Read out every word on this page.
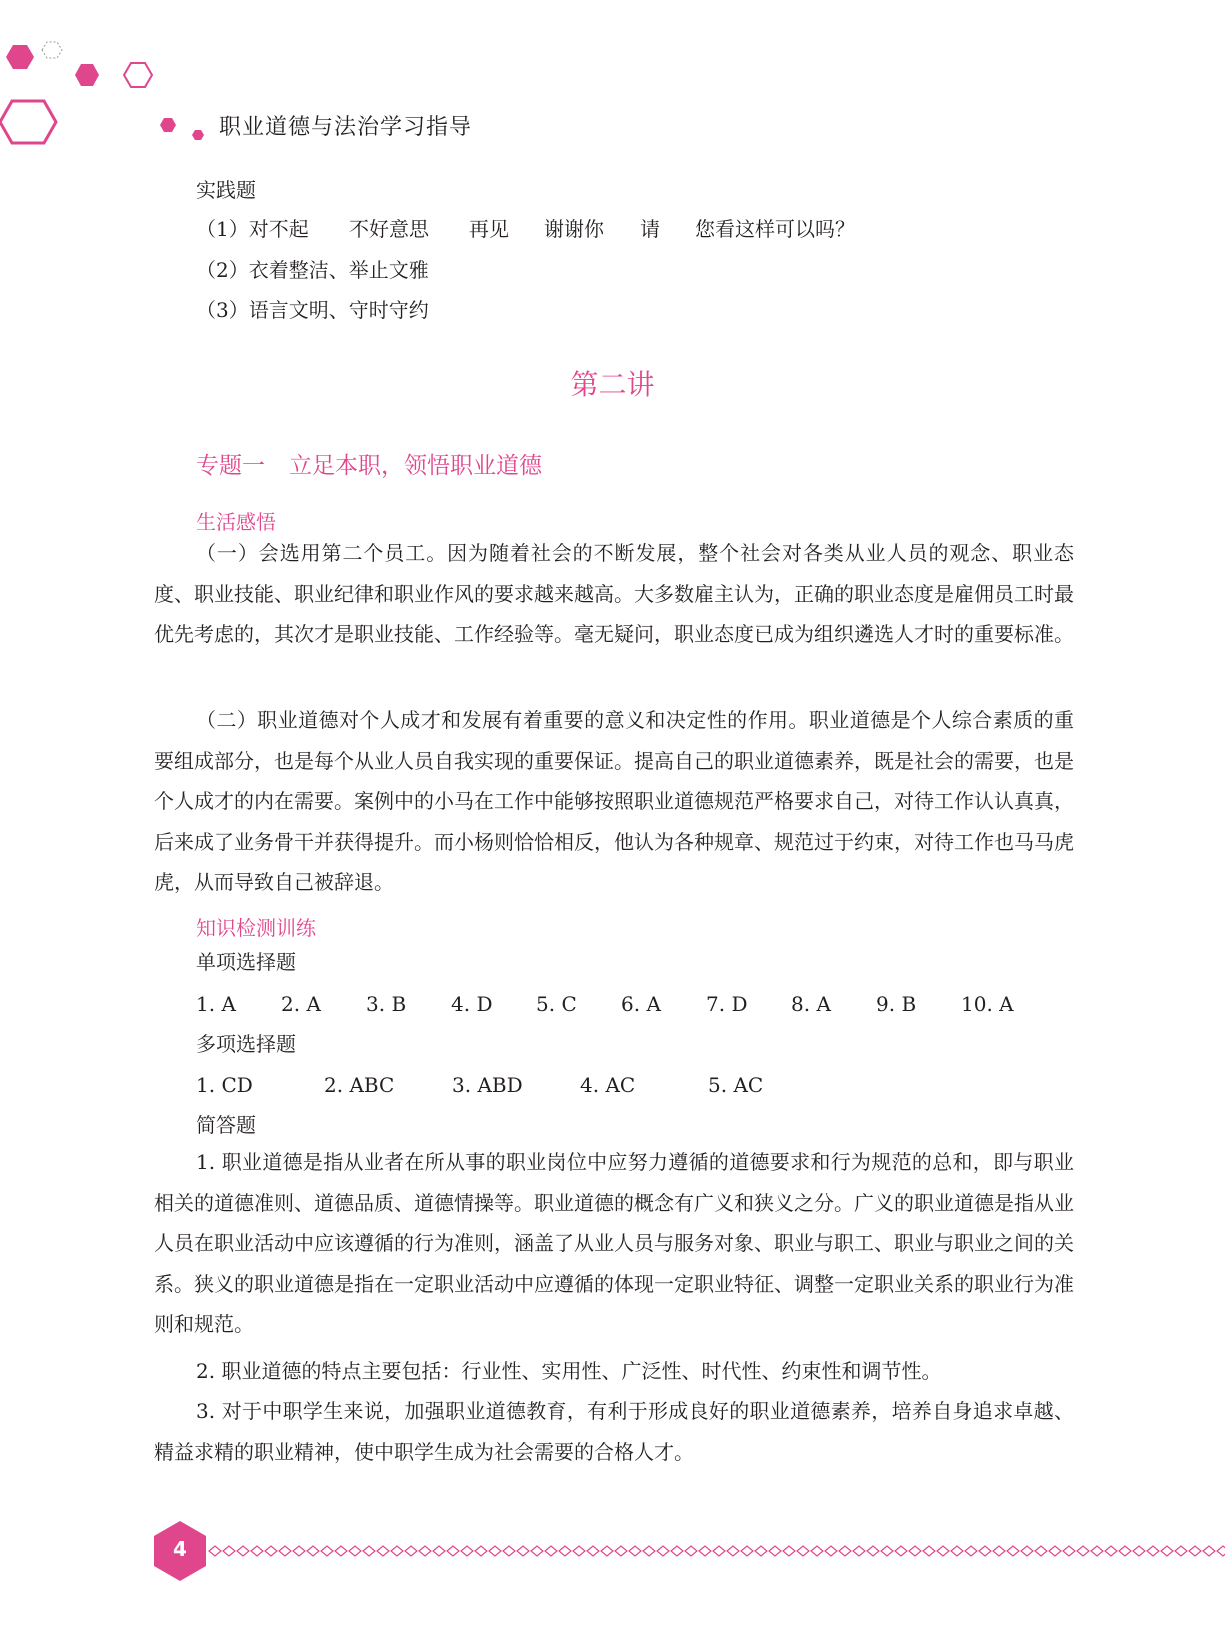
职业道德与法治学习指导
实践题
（1）对不起 不好意思 再见 谢谢你 请 您看这样可以吗？
（2）衣着整洁、举止文雅
（3）语言文明、守时守约
第二讲
专题一 立足本职，领悟职业道德
生活感悟

（一）会选用第二个员工。因为随着社会的不断发展，整个社会对各类从业人员的观念、职业态度、职业技能、职业纪律和职业作风的要求越来越高。大多数雇主认为，正确的职业态度是雇佣员工时最优先考虑的，其次才是职业技能、工作经验等。毫无疑问，职业态度已成为组织遴选人才时的重要标准。

（二）职业道德对个人成才和发展有着重要的意义和决定性的作用。职业道德是个人综合素质的重要组成部分，也是每个从业人员自我实现的重要保证。提高自己的职业道德素养，既是社会的需要，也是个人成才的内在需要。案例中的小马在工作中能够按照职业道德规范严格要求自己，对待工作认认真真，后来成了业务骨干并获得提升。而小杨则恰恰相反，他认为各种规章、规范过于约束，对待工作也马马虎虎，从而导致自己被辞退。

知识检测训练
单项选择题
1. A 2. A 3. B 4. D 5. C 6. A 7. D 8. A 9. B 10. A
多项选择题
1. CD	2. ABC	3. ABD	4. AC	5. AC
简答题

1. 职业道德是指从业者在所从事的职业岗位中应努力遵循的道德要求和行为规范的总和，即与职业相关的道德准则、道德品质、道德情操等。职业道德的概念有广义和狭义之分。广义的职业道德是指从业人员在职业活动中应该遵循的行为准则，涵盖了从业人员与服务对象、职业与职工、职业与职业之间的关系。狭义的职业道德是指在一定职业活动中应遵循的体现一定职业特征、调整一定职业关系的职业行为准则和规范。

2. 职业道德的特点主要包括：行业性、实用性、广泛性、时代性、约束性和调节性。

3. 对于中职学生来说，加强职业道德教育，有利于形成良好的职业道德素养，培养自身追求卓越、精益求精的职业精神，使中职学生成为社会需要的合格人才。

4
